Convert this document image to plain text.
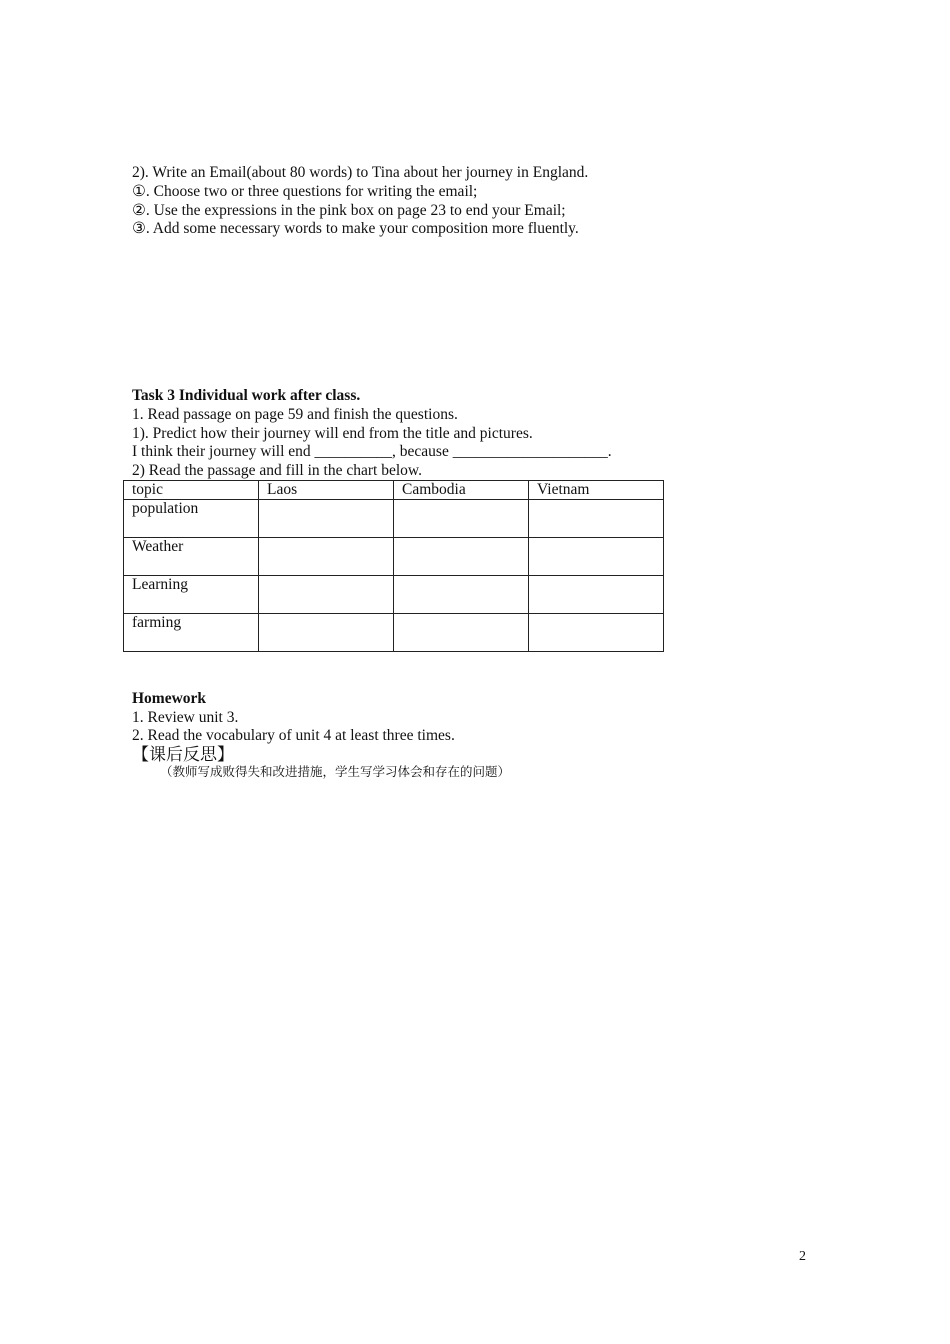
2). Write an Email(about 80 words) to Tina about her journey in England.
①. Choose two or three questions for writing the email;
②. Use the expressions in the pink box on page 23 to end your Email;
③. Add some necessary words to make your composition more fluently.
Task 3 Individual work after class.
1. Read passage on page 59 and finish the questions.
1). Predict how their journey will end from the title and pictures.
I think their journey will end __________, because ____________________.
2) Read the passage and fill in the chart below.
topic	Laos	Cambodia	Vietnam
population			
Weather			
Learning			
farming			
Homework
1. Review unit 3.
2. Read the vocabulary of unit 4 at least three times.
【课后反思】
（教师写成败得失和改进措施，学生写学习体会和存在的问题）
2
